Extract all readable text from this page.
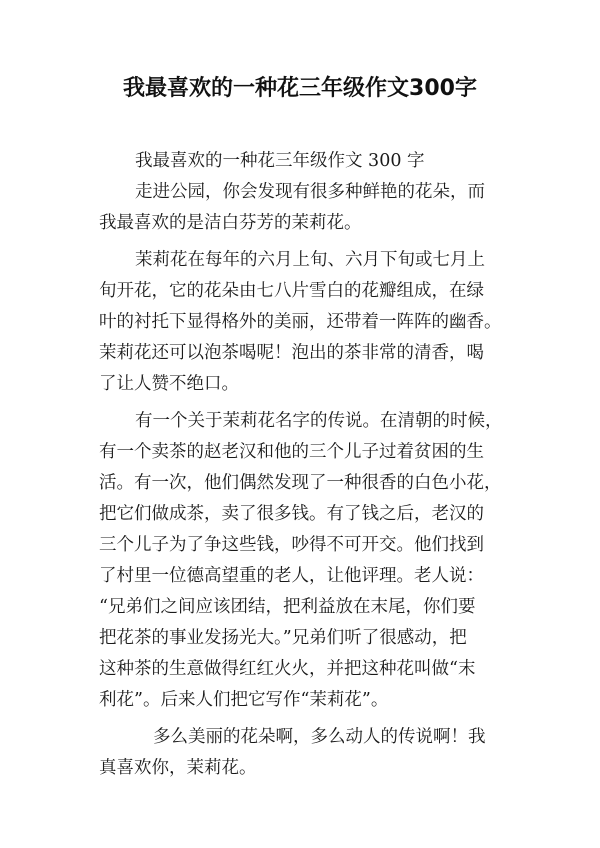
我最喜欢的一种花三年级作文300字
我最喜欢的一种花三年级作文 300 字
走进公园，你会发现有很多种鲜艳的花朵，而
我最喜欢的是洁白芬芳的茉莉花。
茉莉花在每年的六月上旬、六月下旬或七月上
旬开花，它的花朵由七八片雪白的花瓣组成，在绿
叶的衬托下显得格外的美丽，还带着一阵阵的幽香。
茉莉花还可以泡茶喝呢！泡出的茶非常的清香，喝
了让人赞不绝口。
有一个关于茉莉花名字的传说。在清朝的时候，
有一个卖茶的赵老汉和他的三个儿子过着贫困的生
活。有一次，他们偶然发现了一种很香的白色小花，
把它们做成茶，卖了很多钱。有了钱之后，老汉的
三个儿子为了争这些钱，吵得不可开交。他们找到
了村里一位德高望重的老人，让他评理。老人说：
“兄弟们之间应该团结，把利益放在末尾，你们要
把花茶的事业发扬光大。”兄弟们听了很感动，把
这种茶的生意做得红红火火，并把这种花叫做“末
利花”。后来人们把它写作“茉莉花”。
多么美丽的花朵啊，多么动人的传说啊！我
真喜欢你，茉莉花。
